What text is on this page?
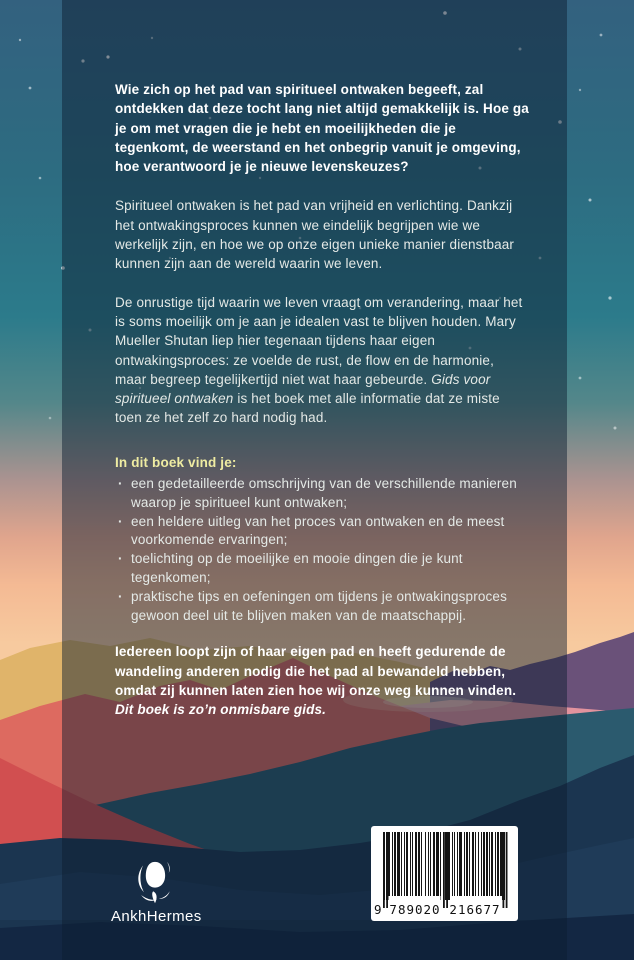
Wie zich op het pad van spiritueel ontwaken begeeft, zal ontdekken dat deze tocht lang niet altijd gemakkelijk is. Hoe ga je om met vragen die je hebt en moeilijkheden die je tegenkomt, de weerstand en het onbegrip vanuit je omgeving, hoe verantwoord je je nieuwe levenskeuzes?

Spiritueel ontwaken is het pad van vrijheid en verlichting. Dankzij het ontwakingsproces kunnen we eindelijk begrijpen wie we werkelijk zijn, en hoe we op onze eigen unieke manier dienstbaar kunnen zijn aan de wereld waarin we leven.

De onrustige tijd waarin we leven vraagt om verandering, maar het is soms moeilijk om je aan je idealen vast te blijven houden. Mary Mueller Shutan liep hier tegenaan tijdens haar eigen ontwakingsproces: ze voelde de rust, de flow en de harmonie, maar begreep tegelijkertijd niet wat haar gebeurde. Gids voor spiritueel ontwaken is het boek met alle informatie dat ze miste toen ze het zelf zo hard nodig had.

In dit boek vind je:

· een gedetailleerde omschrijving van de verschillende manieren waarop je spiritueel kunt ontwaken;
· een heldere uitleg van het proces van ontwaken en de meest voorkomende ervaringen;
· toelichting op de moeilijke en mooie dingen die je kunt tegenkomen;
· praktische tips en oefeningen om tijdens je ontwakingsproces gewoon deel uit te blijven maken van de maatschappij.

Iedereen loopt zijn of haar eigen pad en heeft gedurende de wandeling anderen nodig die het pad al bewandeld hebben, omdat zij kunnen laten zien hoe wij onze weg kunnen vinden. Dit boek is zo’n onmisbare gids.

AnkhHermes	9 789020 216677
